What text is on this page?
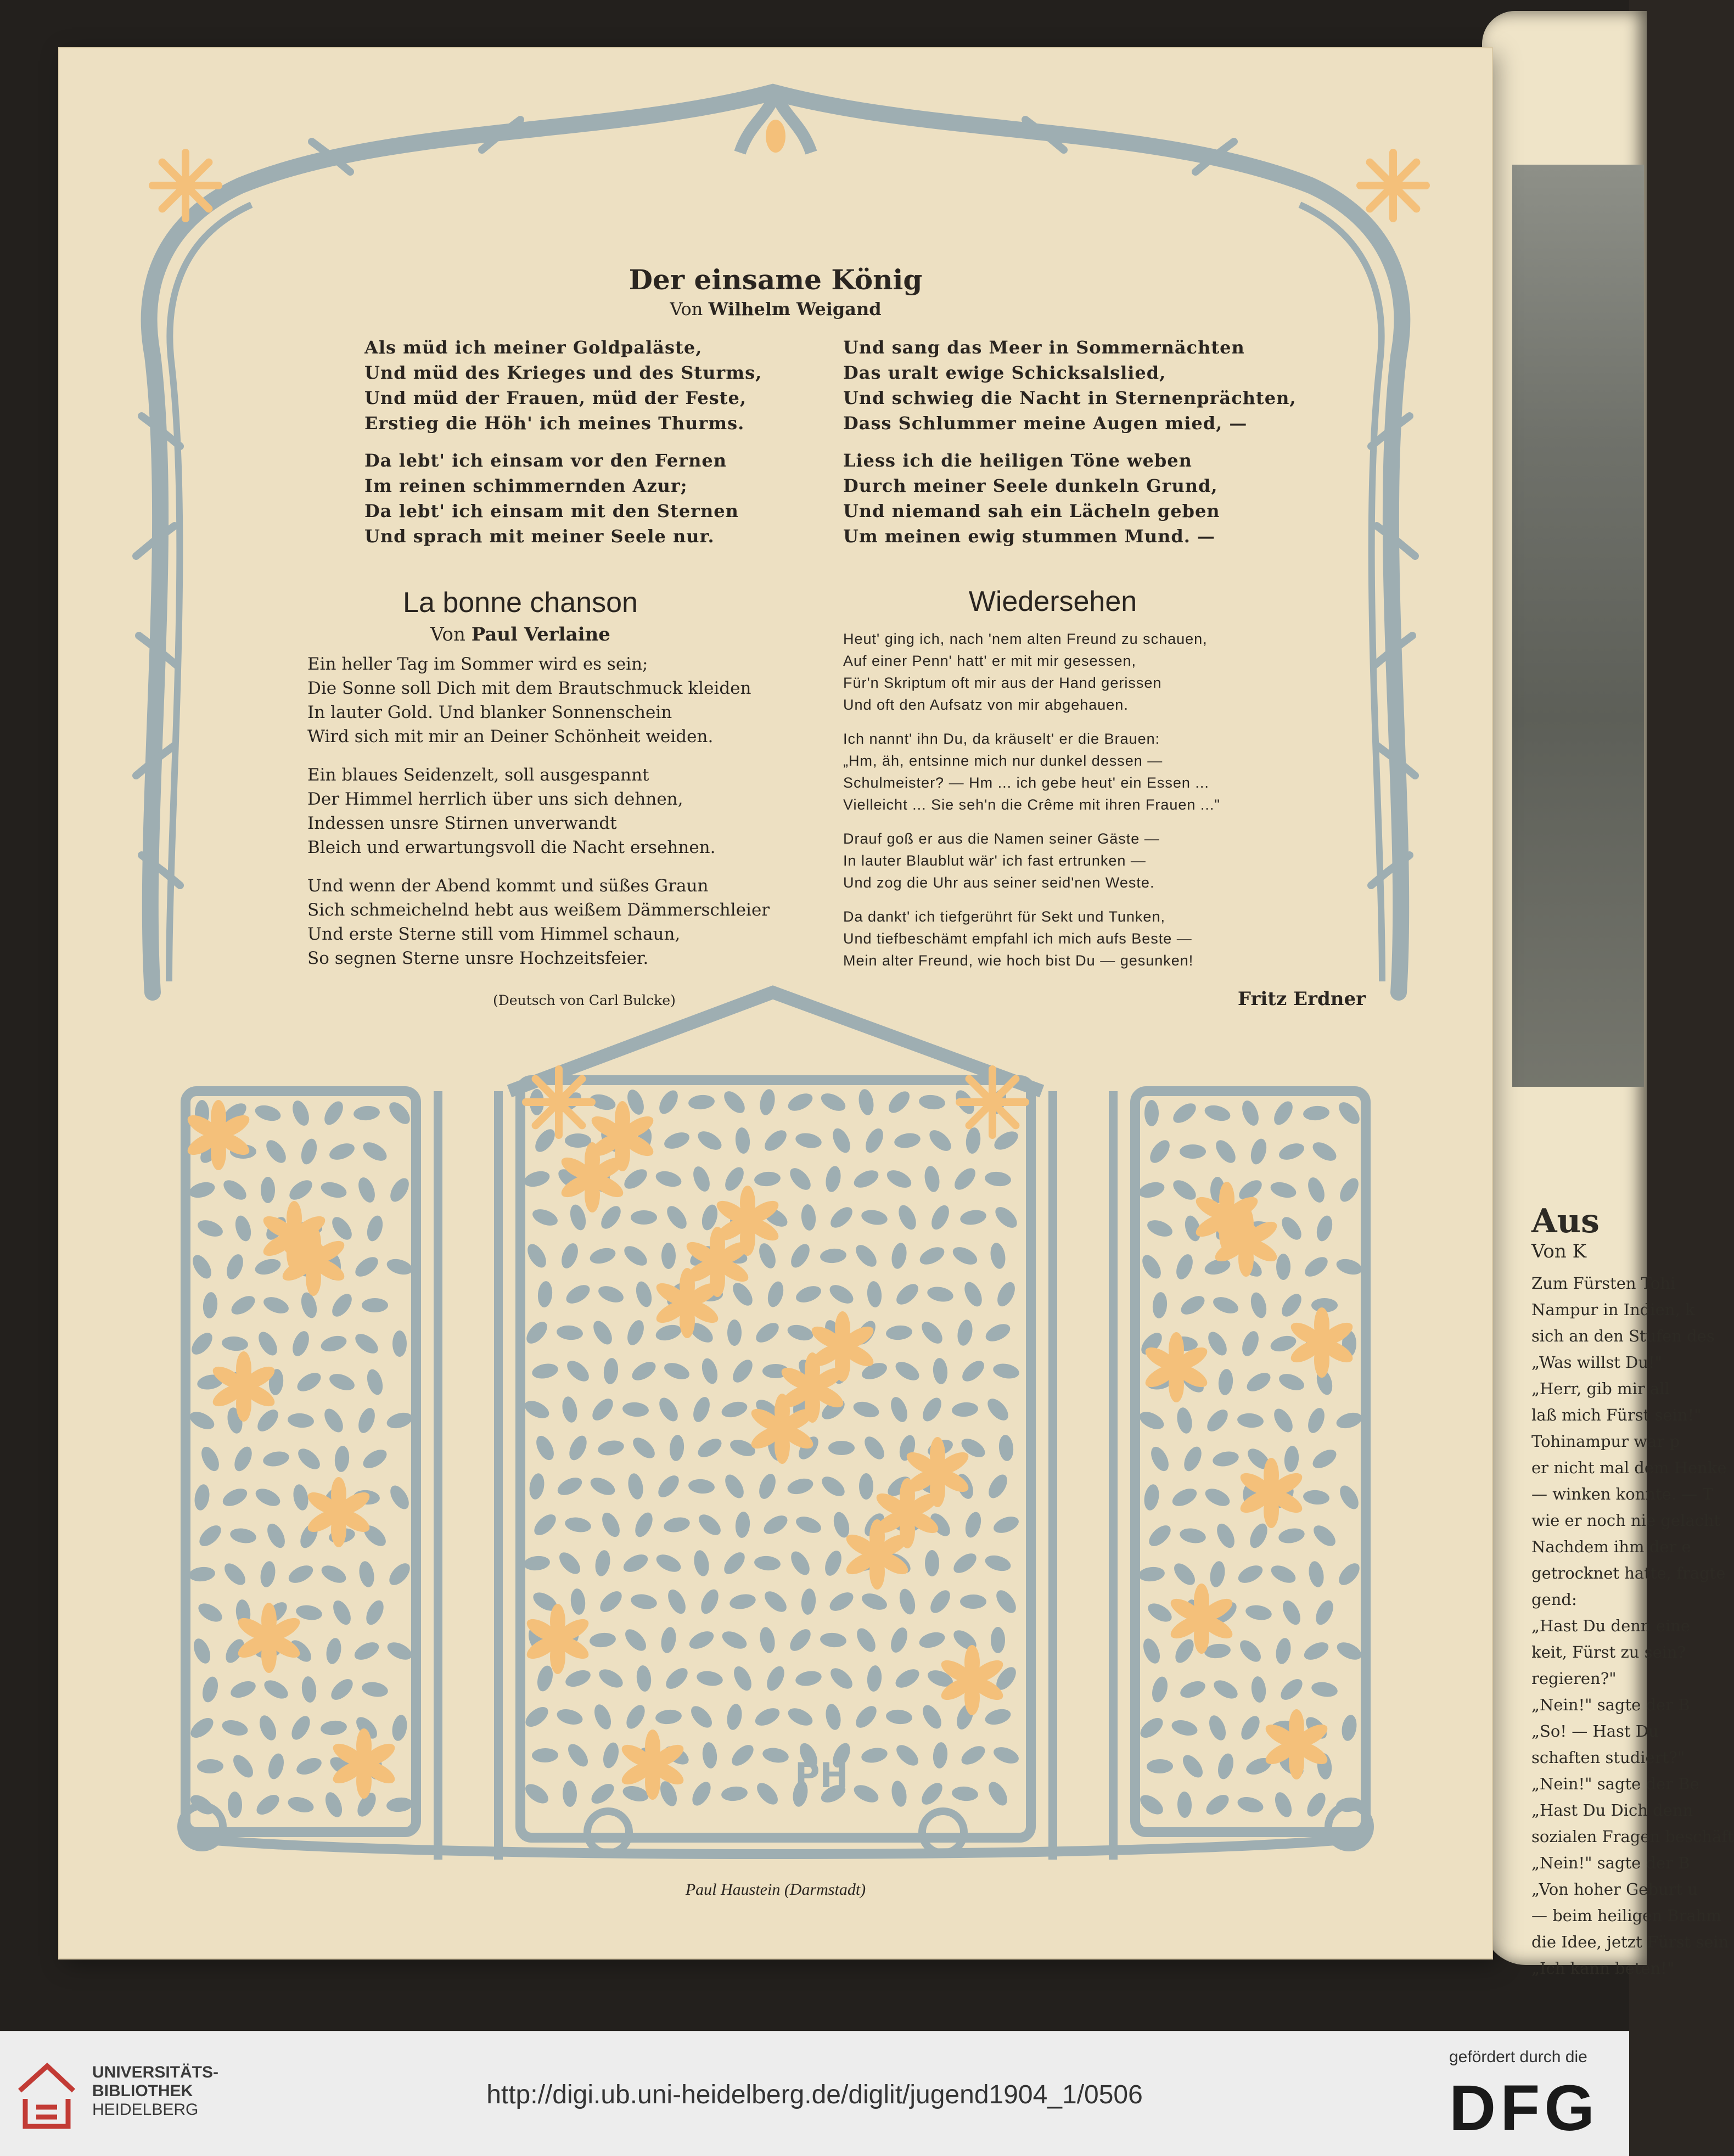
Aus

Von K

Zum Fürsten Tohi

Nampur in Indien, k

sich an den Stufen des

„Was willst Du!"

„Herr, gib mir all

laß mich Fürst sein!"

Tohinampur war p

er nicht mal dem Henke

— winken konnte. — T

wie er noch nie gelacht

Nachdem ihm der e

getrocknet hatte, fragte

gend:

„Hast Du denn eine

keit, Fürst zu sein?

regieren?"

„Nein!" sagte der B

„So! — Hast Du

schaften studiert?"

„Nein!" sagte der Be

„Hast Du Dich denn

sozialen Fragen beschäft

„Nein!" sagte der B

„Von hoher Geburt u

— beim heiligen Brahm

die Idee, jetzt Fürst sein

„Ich kann beten!"

Der einsame König
Von Wilhelm Weigand

Als müd ich meiner Goldpaläste,

Und müd des Krieges und des Sturms,

Und müd der Frauen, müd der Feste,

Erstieg die Höh' ich meines Thurms.

Da lebt' ich einsam vor den Fernen

Im reinen schimmernden Azur;

Da lebt' ich einsam mit den Sternen

Und sprach mit meiner Seele nur.

Und sang das Meer in Sommernächten

Das uralt ewige Schicksalslied,

Und schwieg die Nacht in Sternenprächten,

Dass Schlummer meine Augen mied, —

Liess ich die heiligen Töne weben

Durch meiner Seele dunkeln Grund,

Und niemand sah ein Lächeln geben

Um meinen ewig stummen Mund. —

La bonne chanson
Von Paul Verlaine

Ein heller Tag im Sommer wird es sein;

Die Sonne soll Dich mit dem Brautschmuck kleiden

In lauter Gold. Und blanker Sonnenschein

Wird sich mit mir an Deiner Schönheit weiden.

Ein blaues Seidenzelt, soll ausgespannt

Der Himmel herrlich über uns sich dehnen,

Indessen unsre Stirnen unverwandt

Bleich und erwartungsvoll die Nacht ersehnen.

Und wenn der Abend kommt und süßes Graun

Sich schmeichelnd hebt aus weißem Dämmerschleier

Und erste Sterne still vom Himmel schaun,

So segnen Sterne unsre Hochzeitsfeier.

(Deutsch von Carl Bulcke)
Wiedersehen

Heut' ging ich, nach 'nem alten Freund zu schauen,

Auf einer Penn' hatt' er mit mir gesessen,

Für'n Skriptum oft mir aus der Hand gerissen

Und oft den Aufsatz von mir abgehauen.

Ich nannt' ihn Du, da kräuselt' er die Brauen:

„Hm, äh, entsinne mich nur dunkel dessen —

Schulmeister? — Hm ... ich gebe heut' ein Essen ...

Vielleicht ... Sie seh'n die Crême mit ihren Frauen ..."

Drauf goß er aus die Namen seiner Gäste —

In lauter Blaublut wär' ich fast ertrunken —

Und zog die Uhr aus seiner seid'nen Weste.

Da dankt' ich tiefgerührt für Sekt und Tunken,

Und tiefbeschämt empfahl ich mich aufs Beste —

Mein alter Freund, wie hoch bist Du — gesunken!

Fritz Erdner
PH
Paul Haustein (Darmstadt)
UNIVERSITÄTS-
BIBLIOTHEK
HEIDELBERG
http://digi.ub.uni-heidelberg.de/diglit/jugend1904_1/0506
gefördert durch die
DFG
